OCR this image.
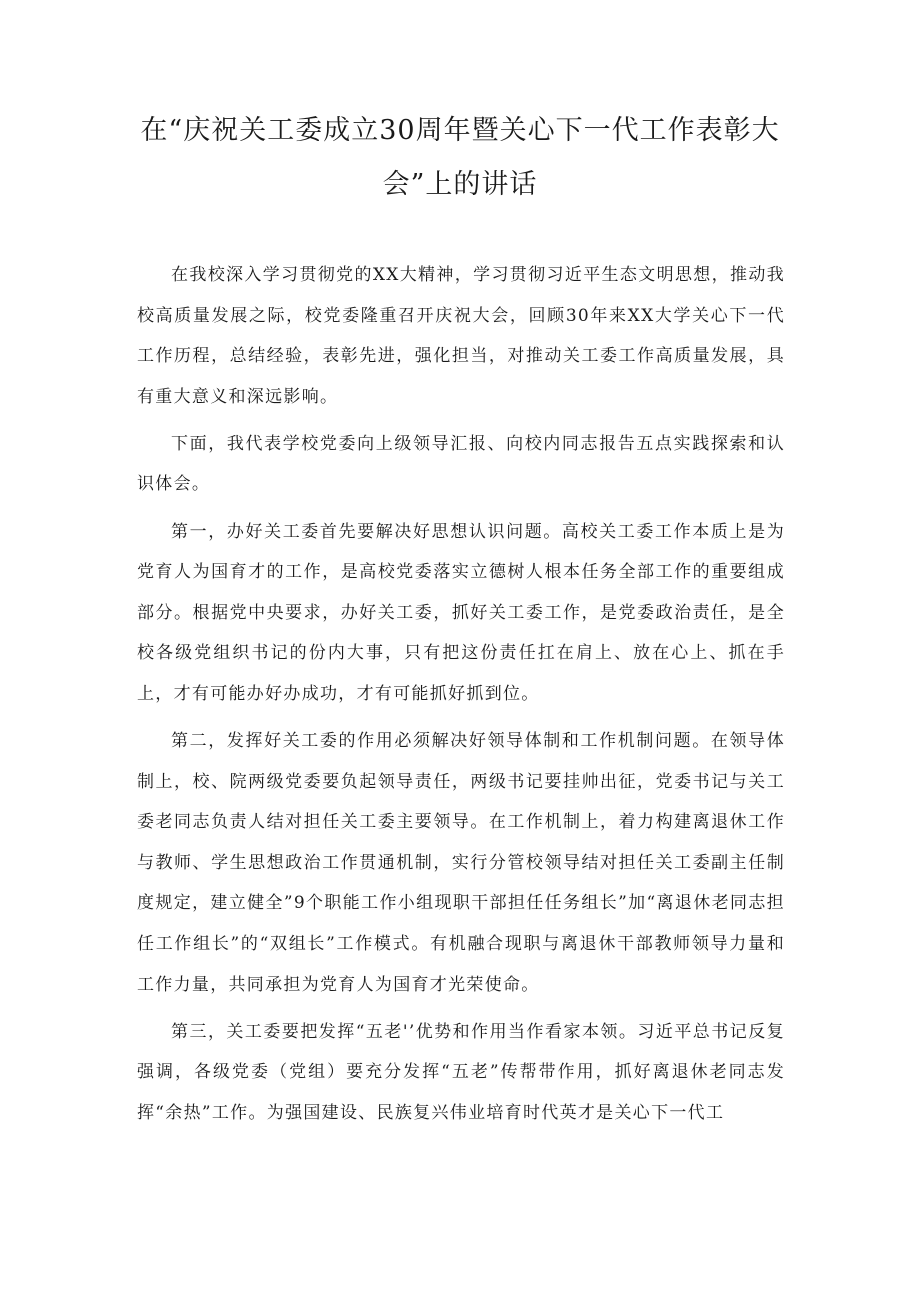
在“庆祝关工委成立30周年暨关心下一代工作表彰大会”上的讲话

在我校深入学习贯彻党的XX大精神，学习贯彻习近平生态文明思想，推动我校高质量发展之际，校党委隆重召开庆祝大会，回顾30年来XX大学关心下一代工作历程，总结经验，表彰先进，强化担当，对推动关工委工作高质量发展，具有重大意义和深远影响。

下面，我代表学校党委向上级领导汇报、向校内同志报告五点实践探索和认识体会。

第一，办好关工委首先要解决好思想认识问题。高校关工委工作本质上是为党育人为国育才的工作，是高校党委落实立德树人根本任务全部工作的重要组成部分。根据党中央要求，办好关工委，抓好关工委工作，是党委政治责任，是全校各级党组织书记的份内大事，只有把这份责任扛在肩上、放在心上、抓在手上，才有可能办好办成功，才有可能抓好抓到位。

第二，发挥好关工委的作用必须解决好领导体制和工作机制问题。在领导体制上，校、院两级党委要负起领导责任，两级书记要挂帅出征，党委书记与关工委老同志负责人结对担任关工委主要领导。在工作机制上，着力构建离退休工作与教师、学生思想政治工作贯通机制，实行分管校领导结对担任关工委副主任制度规定，建立健全”9个职能工作小组现职干部担任任务组长”加“离退休老同志担任工作组长”的“双组长”工作模式。有机融合现职与离退休干部教师领导力量和工作力量，共同承担为党育人为国育才光荣使命。

第三，关工委要把发挥“五老'’优势和作用当作看家本领。习近平总书记反复强调，各级党委（党组）要充分发挥“五老”传帮带作用，抓好离退休老同志发挥“余热”工作。为强国建设、民族复兴伟业培育时代英才是关心下一代工
